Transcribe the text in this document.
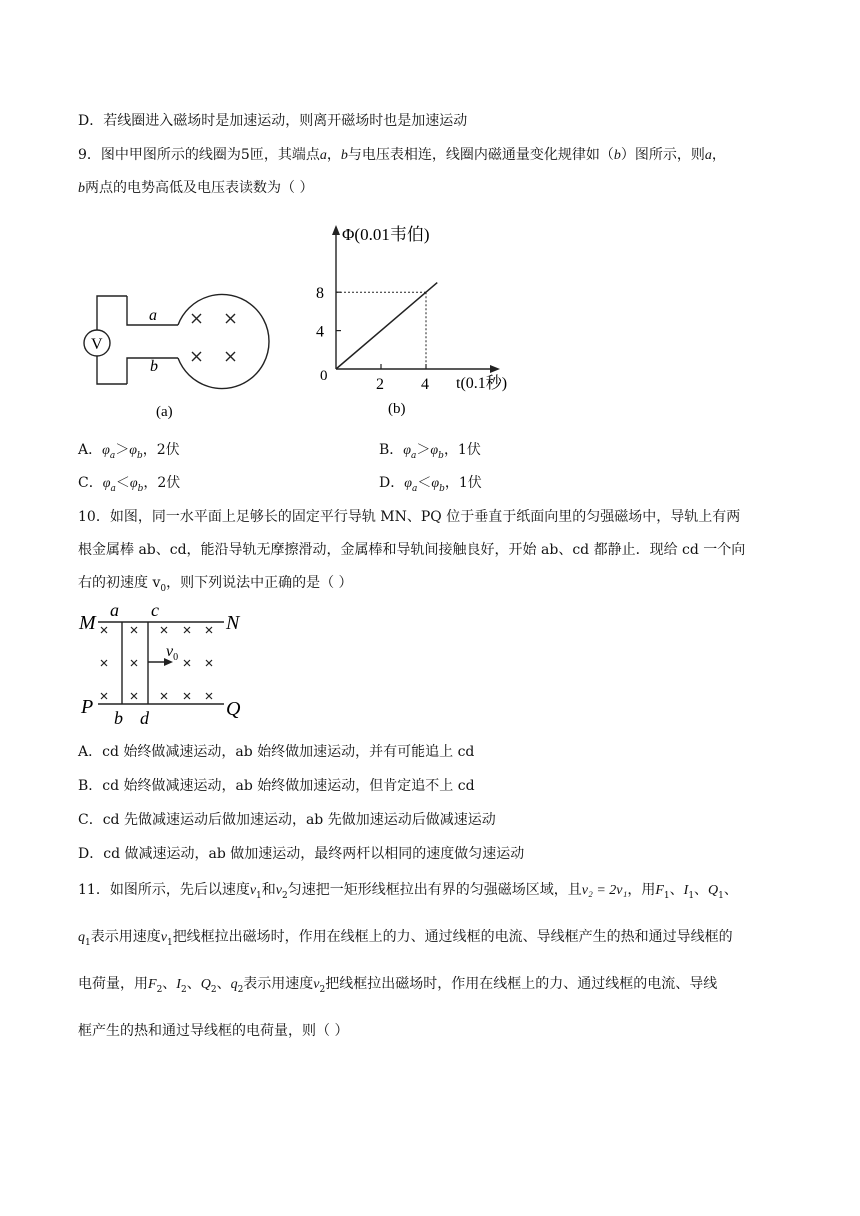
D．若线圈进入磁场时是加速运动，则离开磁场时也是加速运动
9．图中甲图所示的线圈为5匝，其端点a，b与电压表相连，线圈内磁通量变化规律如（b）图所示，则a，
b两点的电势高低及电压表读数为（ ）
V
a
b
(a)
4
8
2 4
Φ(0.01韦伯)
t(0.1秒)
0
(b)
A．$\varphi_a>\varphi_b$，2伏	B．$\varphi_a>\varphi_b$，1伏
C．$\varphi_a<\varphi_b$，2伏	D．$\varphi_a<\varphi_b$，1伏
10．如图，同一水平面上足够长的固定平行导轨 MN、PQ 位于垂直于纸面向里的匀强磁场中，导轨上有两
根金属棒 ab、cd，能沿导轨无摩擦滑动，金属棒和导轨间接触良好，开始 ab、cd 都静止．现给 cd 一个向
右的初速度 $v_0$，则下列说法中正确的是（ ）
M	N
P	Q
a c
b d
$v_0$
A．cd 始终做减速运动，ab 始终做加速运动，并有可能追上 cd
B．cd 始终做减速运动，ab 始终做加速运动，但肯定追不上 cd
C．cd 先做减速运动后做加速运动，ab 先做加速运动后做减速运动
D．cd 做减速运动，ab 做加速运动，最终两杆以相同的速度做匀速运动
11．如图所示，先后以速度$v_1$和$v_2$匀速把一矩形线框拉出有界的匀强磁场区域，且v₂ = 2v₁，用$F_1$、$I_1$、$Q_1$、
$q_1$表示用速度$v_1$把线框拉出磁场时，作用在线框上的力、通过线框的电流、导线框产生的热和通过导线框的
电荷量，用$F_2$、$I_2$、$Q_2$、$q_2$表示用速度$v_2$把线框拉出磁场时，作用在线框上的力、通过线框的电流、导线
框产生的热和通过导线框的电荷量，则（ ）
